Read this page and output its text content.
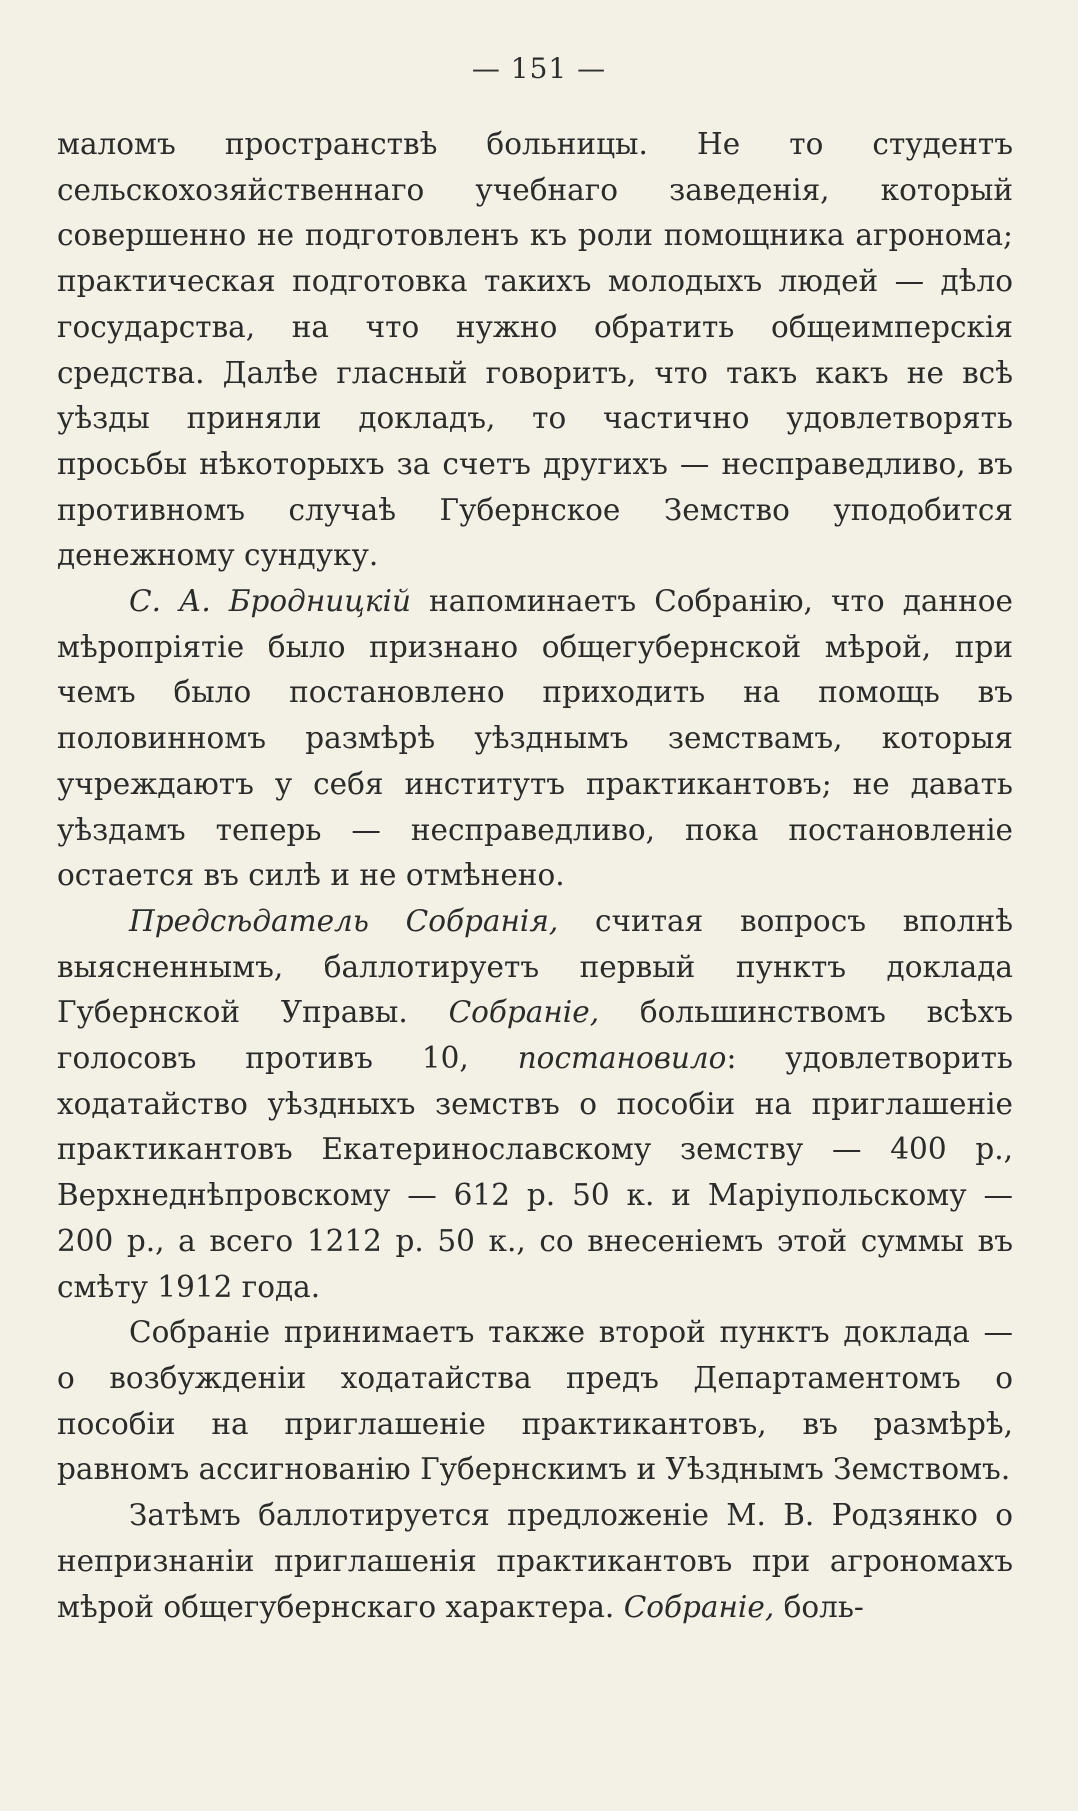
— 151 —

маломъ пространствѣ больницы. Не то студентъ сельскохозяйственнаго учебнаго заведенія, который совершенно не подготовленъ къ роли помощника агронома; практическая подготовка такихъ молодыхъ людей — дѣло государства, на что нужно обратить общеимперскія средства. Далѣе гласный говоритъ, что такъ какъ не всѣ уѣзды приняли докладъ, то частично удовлетворять просьбы нѣкоторыхъ за счетъ другихъ — несправедливо, въ противномъ случаѣ Губернское Земство уподобится денежному сундуку.

С. А. Бродницкій напоминаетъ Собранію, что данное мѣропріятіе было признано общегубернской мѣрой, при чемъ было постановлено приходить на помощь въ половинномъ размѣрѣ уѣзднымъ земствамъ, которыя учреждаютъ у себя институтъ практикантовъ; не давать уѣздамъ теперь — несправедливо, пока постановленіе остается въ силѣ и не отмѣнено.

Предсѣдатель Собранія, считая вопросъ вполнѣ выясненнымъ, баллотируетъ первый пунктъ доклада Губернской Управы. Собраніе, большинствомъ всѣхъ голосовъ противъ 10, постановило: удовлетворить ходатайство уѣздныхъ земствъ о пособіи на приглашеніе практикантовъ Екатеринославскому земству — 400 р., Верхнеднѣпровскому — 612 р. 50 к. и Маріупольскому — 200 р., а всего 1212 р. 50 к., со внесеніемъ этой суммы въ смѣту 1912 года.

Собраніе принимаетъ также второй пунктъ доклада — о возбужденіи ходатайства предъ Департаментомъ о пособіи на приглашеніе практикантовъ, въ размѣрѣ, равномъ ассигнованію Губернскимъ и Уѣзднымъ Земствомъ.

Затѣмъ баллотируется предложеніе М. В. Родзянко о непризнаніи приглашенія практикантовъ при агрономахъ мѣрой общегубернскаго характера. Собраніе, боль-
